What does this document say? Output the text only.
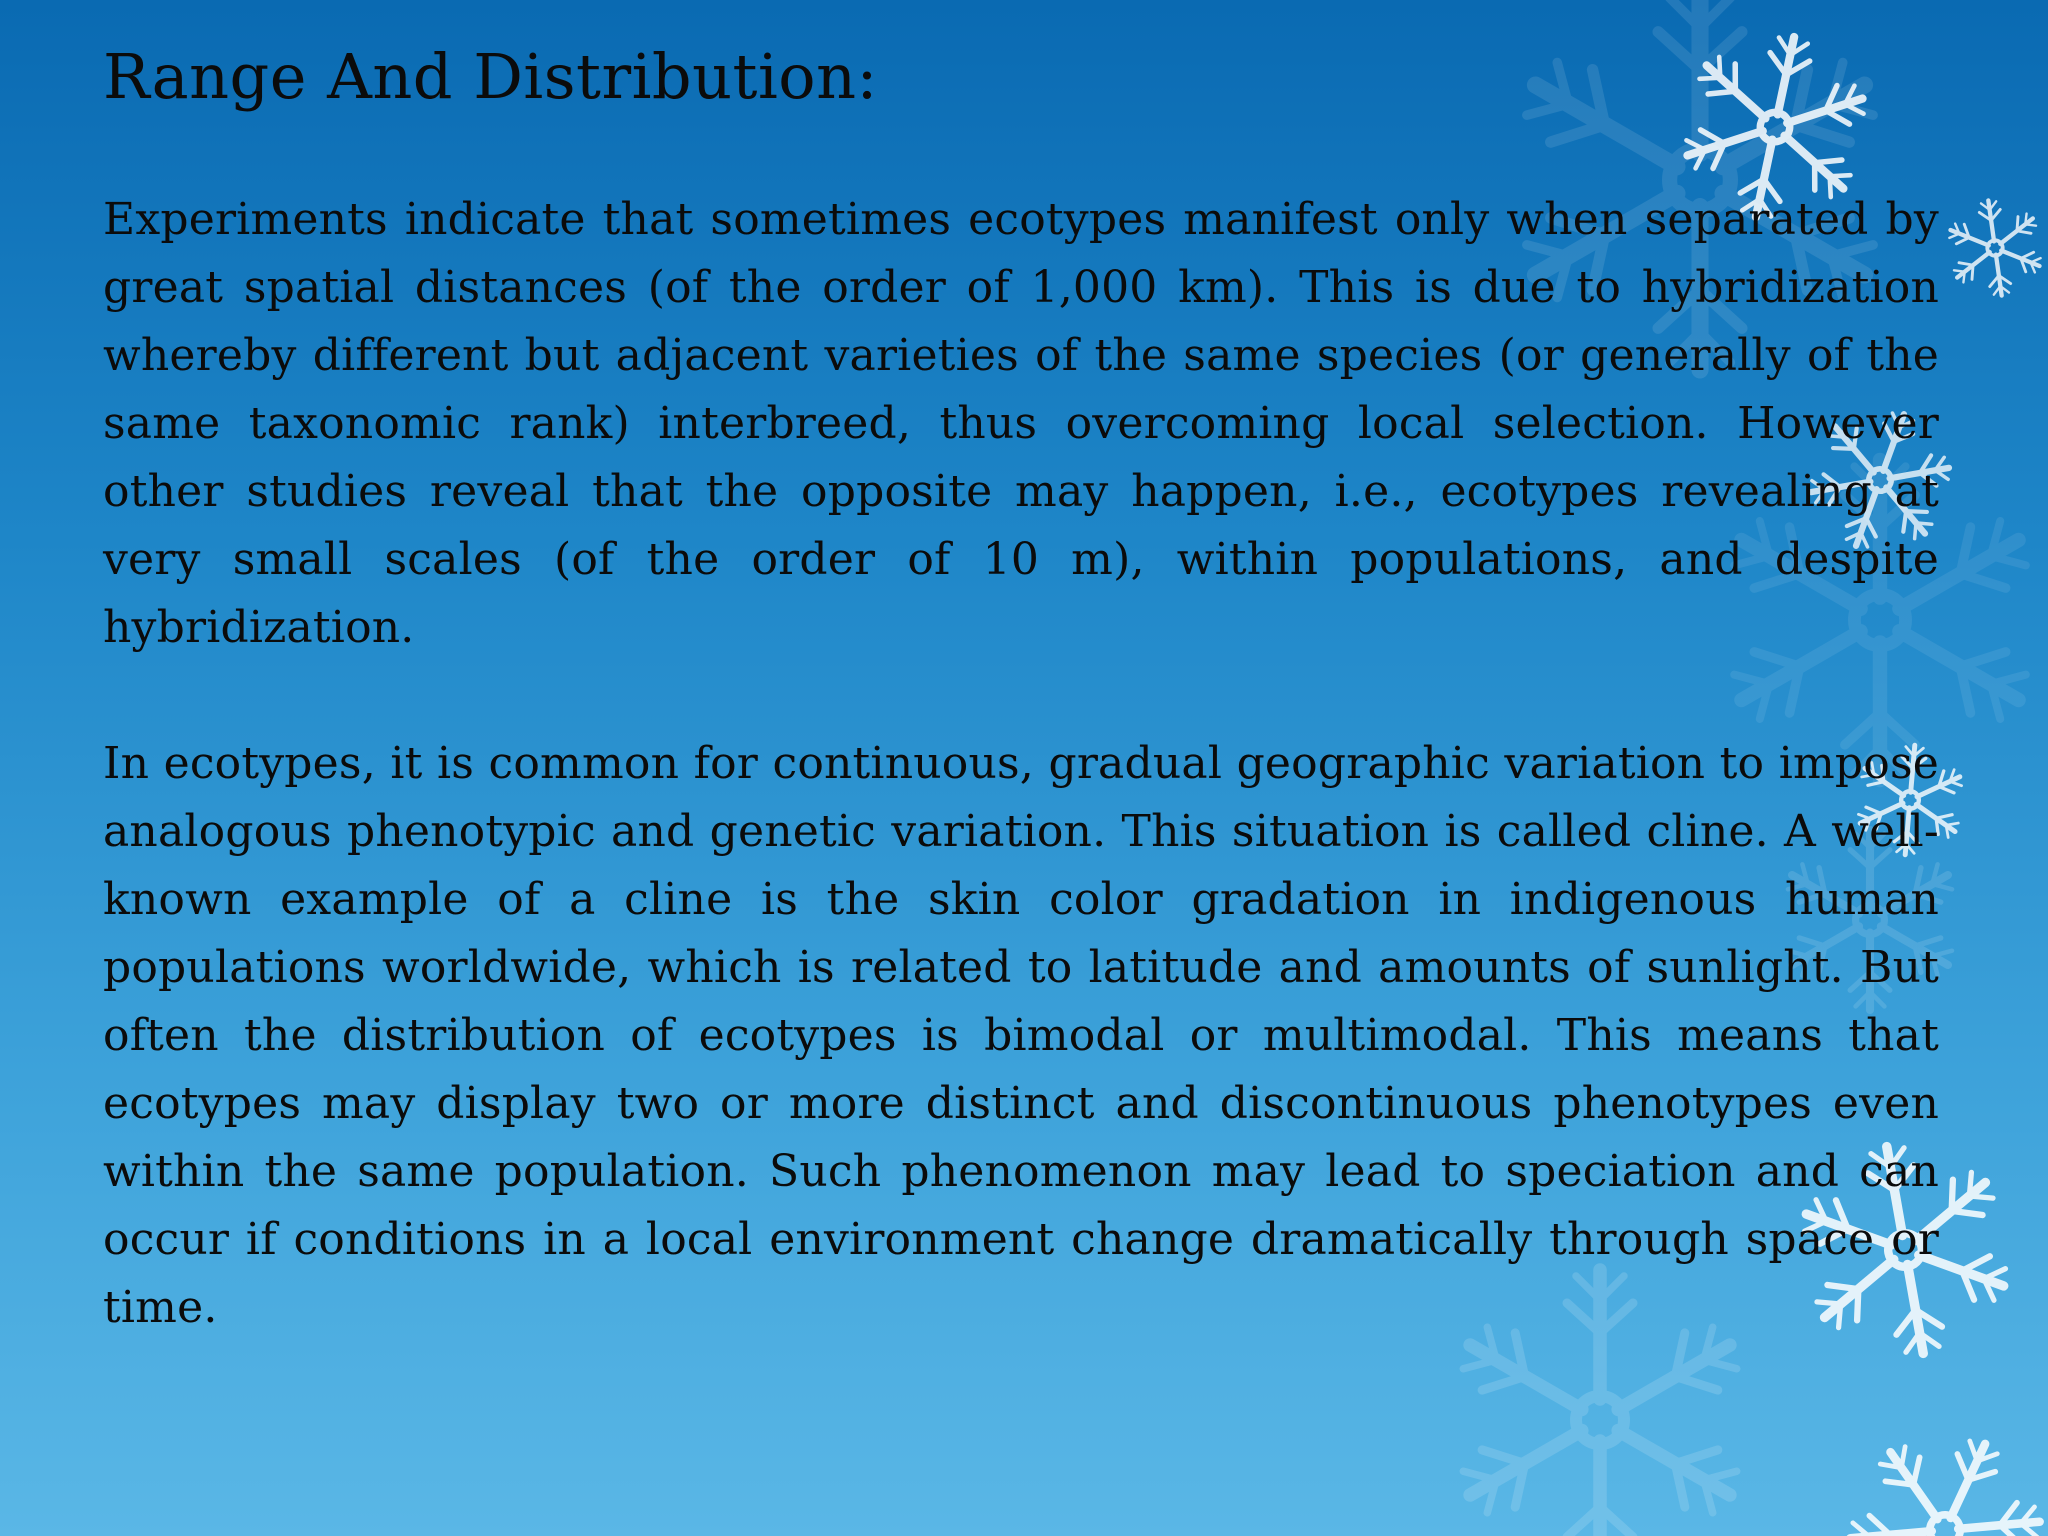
Range And Distribution:

Experiments indicate that sometimes ecotypes manifest only when separated by great spatial distances (of the order of 1,000 km). This is due to hybridization whereby different but adjacent varieties of the same species (or generally of the same taxonomic rank) interbreed, thus overcoming local selection. However other studies reveal that the opposite may happen, i.e., ecotypes revealing at very small scales (of the order of 10 m), within populations, and despite hybridization.

In ecotypes, it is common for continuous, gradual geographic variation to impose analogous phenotypic and genetic variation. This situation is called cline. A well-known example of a cline is the skin color gradation in indigenous human populations worldwide, which is related to latitude and amounts of sunlight. But often the distribution of ecotypes is bimodal or multimodal. This means that ecotypes may display two or more distinct and discontinuous phenotypes even within the same population. Such phenomenon may lead to speciation and can occur if conditions in a local environment change dramatically through space or time.
